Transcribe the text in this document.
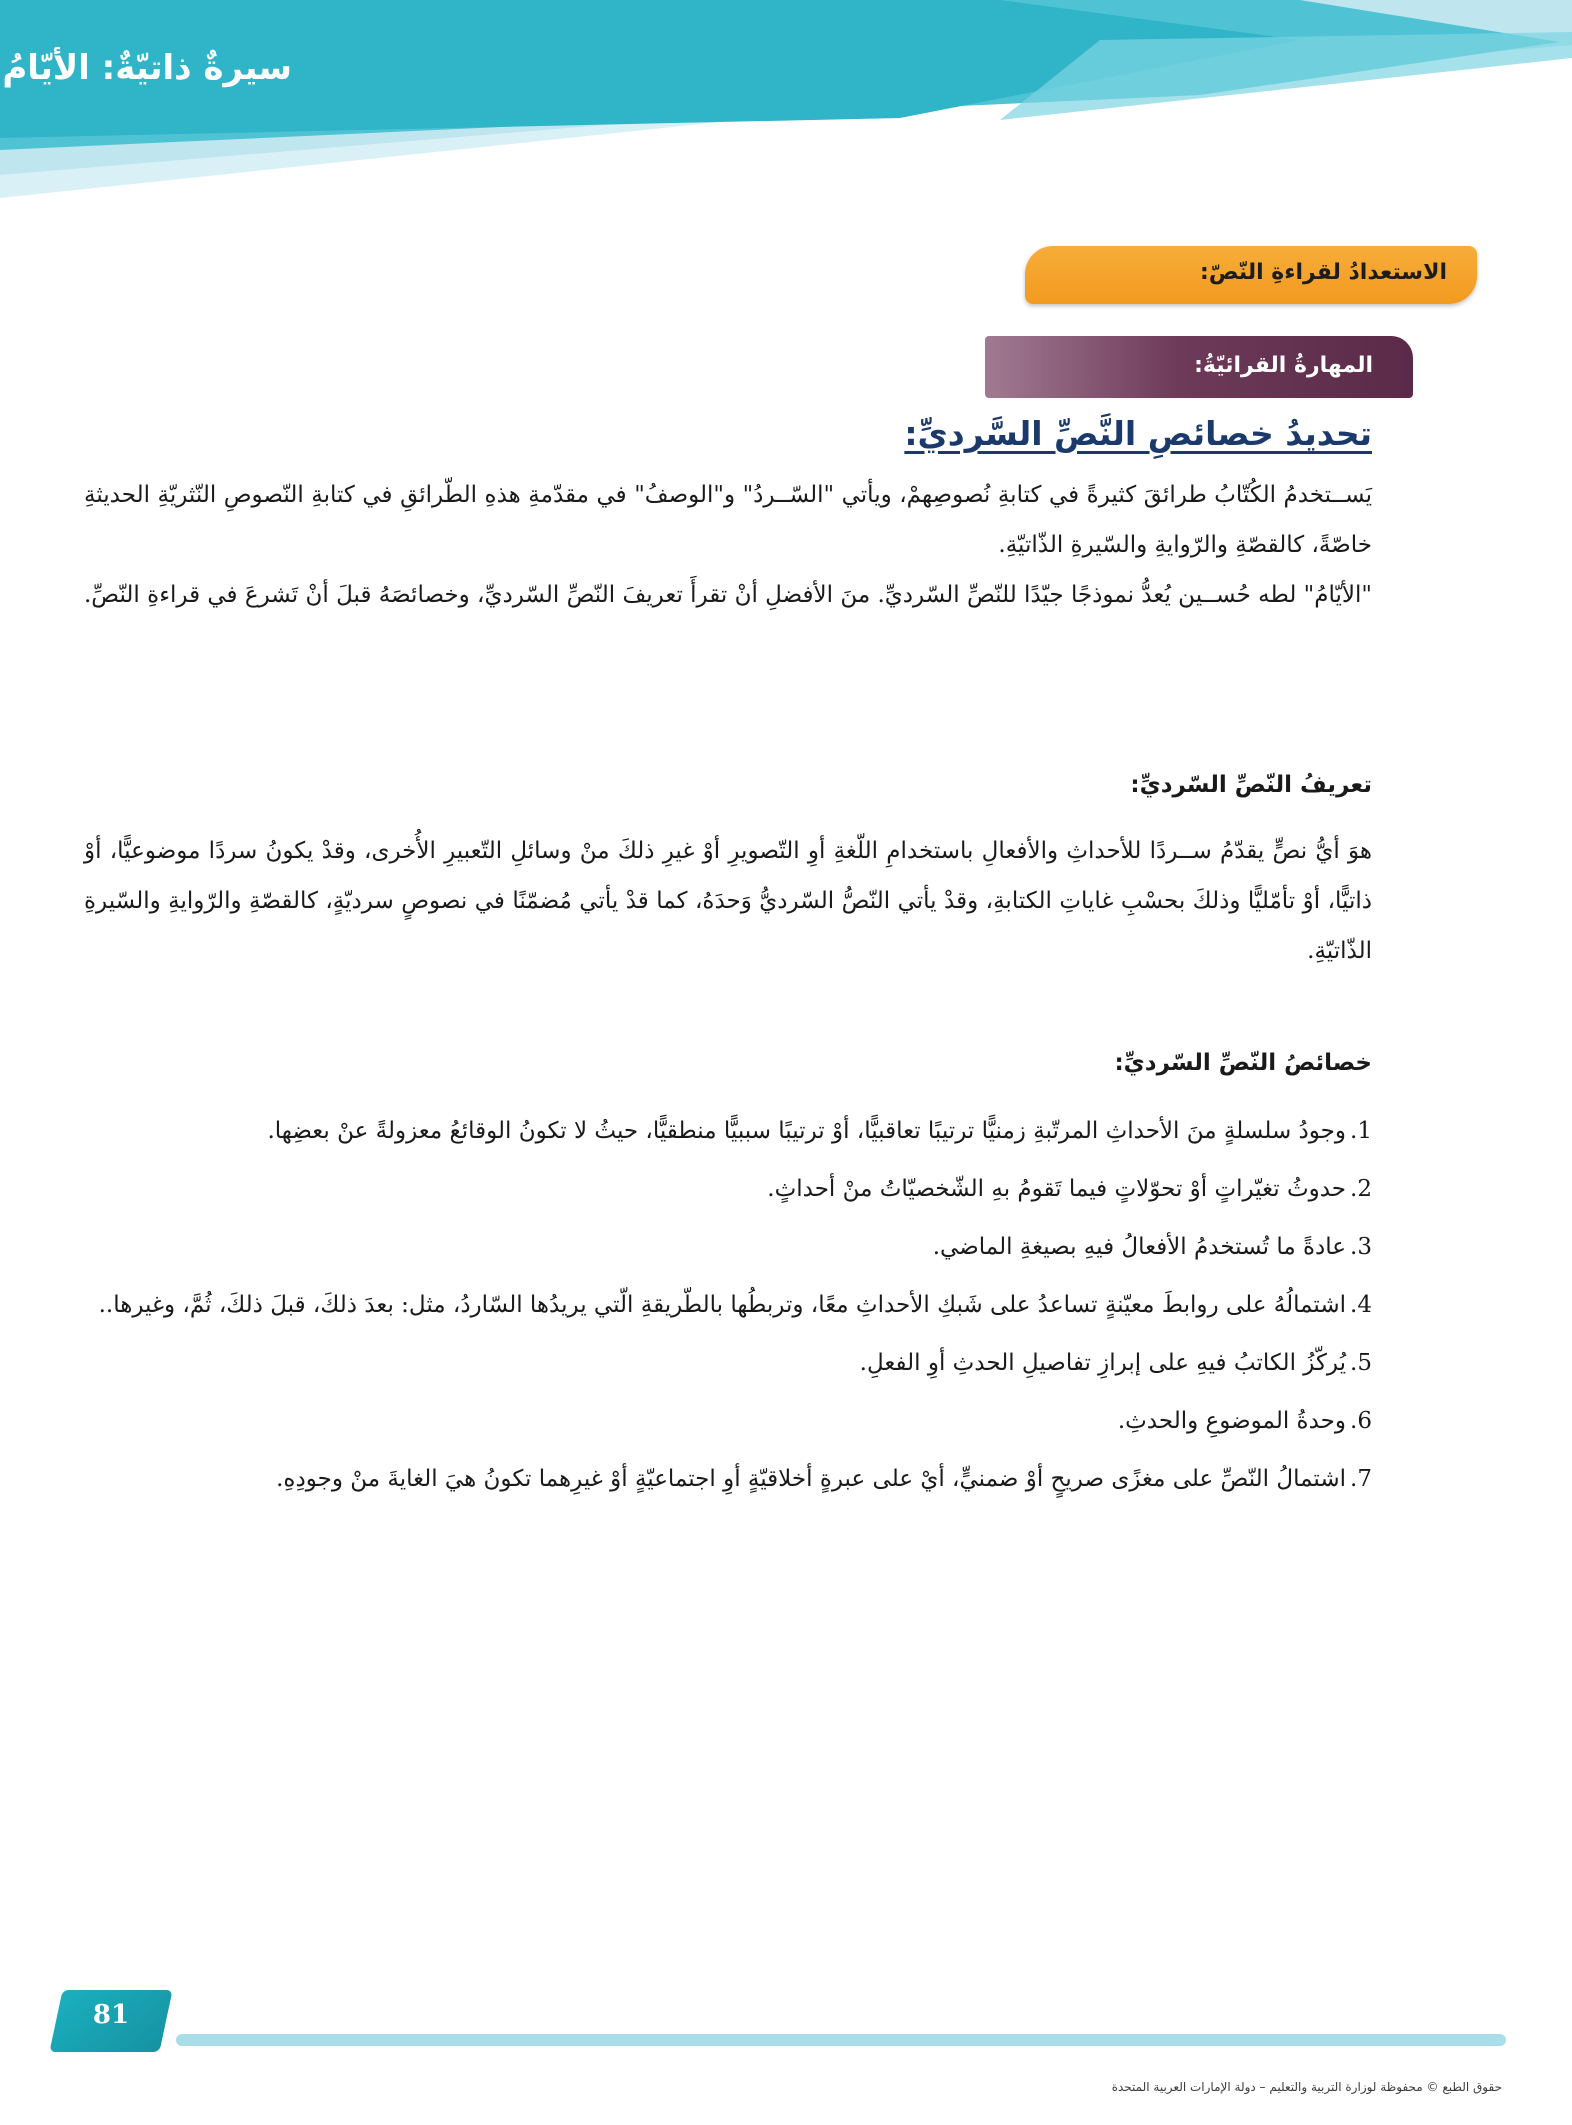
سيرةٌ ذاتيّةٌ: الأيّامُ
الاستعدادُ لقراءةِ النّصّ:
المهارةُ القرائيّةُ:
تحديدُ خصائصِ النَّصِّ السَّرديِّ:

يَســتخدمُ الكُتّابُ طرائقَ كثيرةً في كتابةِ نُصوصِهمْ، ويأتي "السّــردُ" و"الوصفُ" في مقدّمةِ هذهِ الطّرائقِ في كتابةِ النّصوصِ النّثريّةِ الحديثةِ خاصّةً، كالقصّةِ والرّوايةِ والسّيرةِ الذّاتيّةِ.

"الأيّامُ" لطه حُســين يُعدُّ نموذجًا جيّدًا للنّصِّ السّرديِّ. منَ الأفضلِ أنْ تقرأَ تعريفَ النّصِّ السّرديِّ، وخصائصَهُ قبلَ أنْ تَشرعَ في قراءةِ النّصِّ.

تعريفُ النّصِّ السّرديِّ:

هوَ أيُّ نصٍّ يقدّمُ ســردًا للأحداثِ والأفعالِ باستخدامِ اللّغةِ أوِ التّصويرِ أوْ غيرِ ذلكَ منْ وسائلِ التّعبيرِ الأُخرى، وقدْ يكونُ سردًا موضوعيًّا، أوْ ذاتيًّا، أوْ تأمّليًّا وذلكَ بحسْبِ غاياتِ الكتابةِ، وقدْ يأتي النّصُّ السّرديُّ وَحدَهُ، كما قدْ يأتي مُضمّنًا في نصوصٍ سرديّةٍ، كالقصّةِ والرّوايةِ والسّيرةِ الذّاتيّةِ.

خصائصُ النّصِّ السّرديِّ:
1.
وجودُ سلسلةٍ منَ الأحداثِ المرتّبةِ زمنيًّا ترتيبًا تعاقبيًّا، أوْ ترتيبًا سببيًّا منطقيًّا، حيثُ لا تكونُ الوقائعُ معزولةً عنْ بعضِها.
2.
حدوثُ تغيّراتٍ أوْ تحوّلاتٍ فيما تَقومُ بهِ الشّخصيّاتُ منْ أحداثٍ.
3.
عادةً ما تُستخدمُ الأفعالُ فيهِ بصيغةِ الماضي.
4.
اشتمالُهُ على روابطَ معيّنةٍ تساعدُ على شَبكِ الأحداثِ معًا، وتربطُها بالطّريقةِ الّتي يريدُها السّاردُ، مثل: بعدَ ذلكَ، قبلَ ذلكَ، ثُمَّ، وغيرها..
5.
يُركّزُ الكاتبُ فيهِ على إبرازِ تفاصيلِ الحدثِ أوِ الفعلِ.
6.
وحدةُ الموضوعِ والحدثِ.
7.
اشتمالُ النّصِّ على مغزًى صريحٍ أوْ ضمنيٍّ، أيْ على عبرةٍ أخلاقيّةٍ أوِ اجتماعيّةٍ أوْ غيرِهما تكونُ هيَ الغايةَ منْ وجودِهِ.
81
حقوق الطبع © محفوظة لوزارة التربية والتعليم – دولة الإمارات العربية المتحدة
